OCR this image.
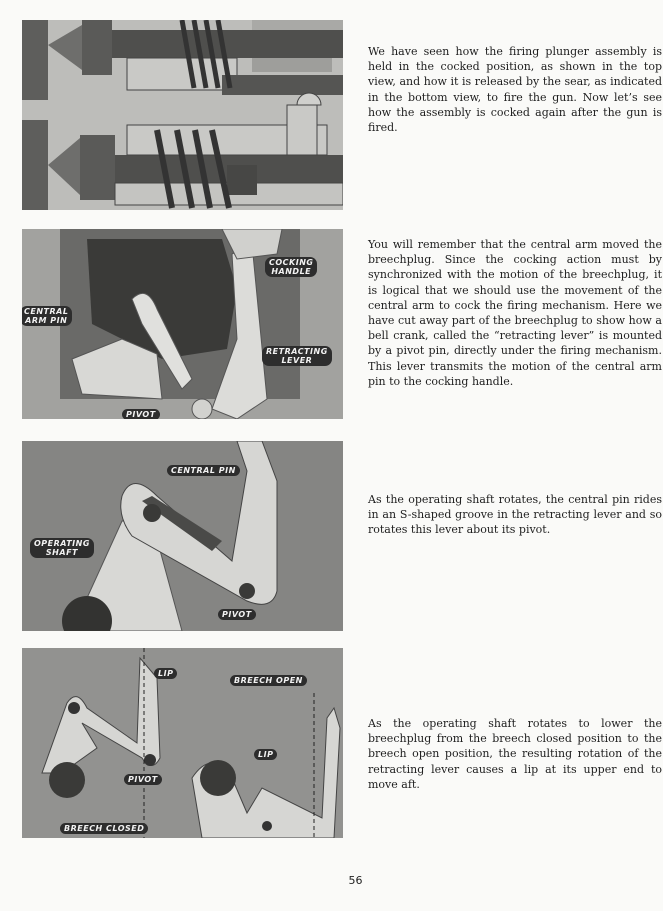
COCKING
HANDLE
CENTRAL
ARM PIN
RETRACTING
LEVER
PIVOT
CENTRAL PIN
OPERATING
SHAFT
PIVOT
LIP
BREECH OPEN
LIP
PIVOT
BREECH CLOSED

We have seen how the firing plunger assembly is held in the cocked position, as shown in the top view, and how it is released by the sear, as indicated in the bottom view, to fire the gun. Now let’s see how the assembly is cocked again after the gun is fired.

You will remember that the central arm moved the breechplug. Since the cocking action must by synchronized with the motion of the breechplug, it is logical that we should use the movement of the central arm to cock the firing mechanism. Here we have cut away part of the breechplug to show how a bell crank, called the “retracting lever” is mounted by a pivot pin, directly under the firing mechanism. This lever transmits the motion of the central arm pin to the cocking handle.

As the operating shaft rotates, the central pin rides in an S-shaped groove in the retracting lever and so rotates this lever about its pivot.

As the operating shaft rotates to lower the breechplug from the breech closed position to the breech open position, the resulting rotation of the retracting lever causes a lip at its upper end to move aft.

56
